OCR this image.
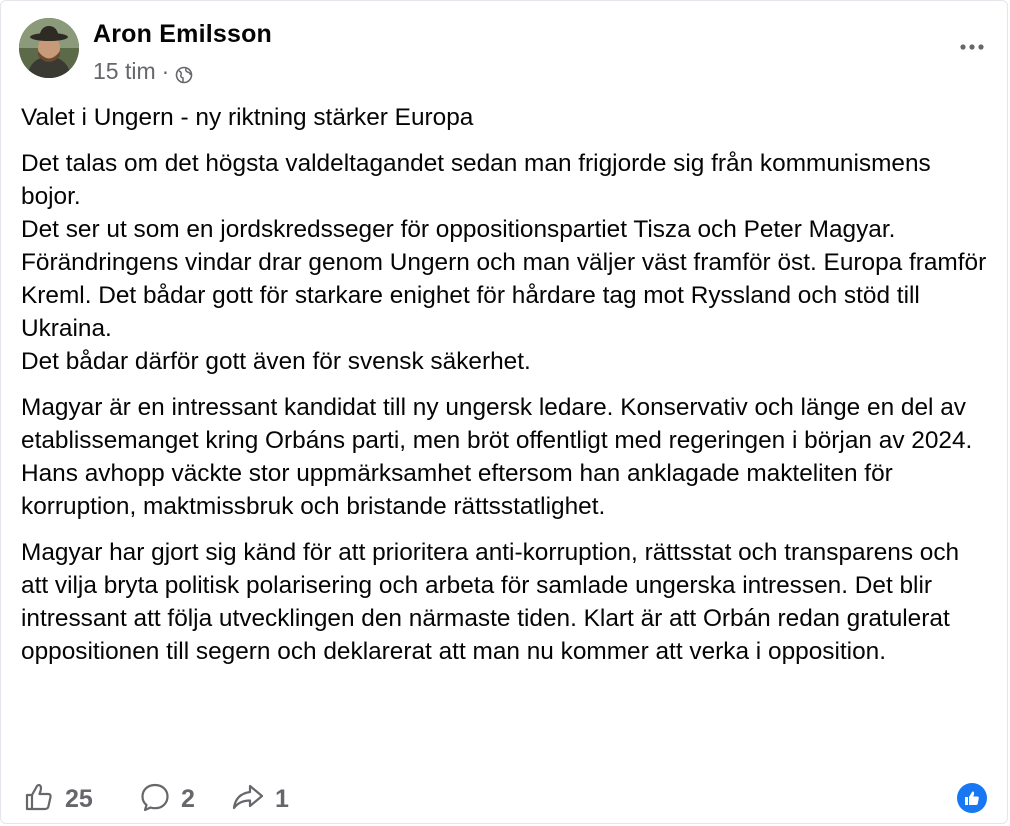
Aron Emilsson
15 tim ·

Valet i Ungern - ny riktning stärker Europa

Det talas om det högsta valdeltagandet sedan man frigjorde sig från kommunismens bojor.
Det ser ut som en jordskredsseger för oppositionspartiet Tisza och Peter Magyar.
Förändringens vindar drar genom Ungern och man väljer väst framför öst. Europa framför Kreml. Det bådar gott för starkare enighet för hårdare tag mot Ryssland och stöd till Ukraina.
Det bådar därför gott även för svensk säkerhet.

Magyar är en intressant kandidat till ny ungersk ledare. Konservativ och länge en del av etablissemanget kring Orbáns parti, men bröt offentligt med regeringen i början av 2024. Hans avhopp väckte stor uppmärksamhet eftersom han anklagade makteliten för korruption, maktmissbruk och bristande rättsstatlighet.

Magyar har gjort sig känd för att prioritera anti-korruption, rättsstat och transparens och att vilja bryta politisk polarisering och arbeta för samlade ungerska intressen. Det blir intressant att följa utvecklingen den närmaste tiden. Klart är att Orbán redan gratulerat oppositionen till segern och deklarerat att man nu kommer att verka i opposition.

25	2	1
